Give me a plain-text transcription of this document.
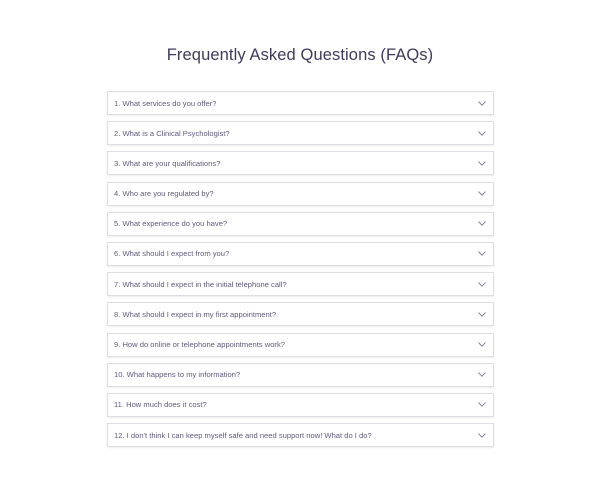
Frequently Asked Questions (FAQs)
1. What services do you offer?
2. What is a Clinical Psychologist?
3. What are your qualifications?
4. Who are you regulated by?
5. What experience do you have?
6. What should I expect from you?
7. What should I expect in the initial telephone call?
8. What should I expect in my first appointment?
9. How do online or telephone appointments work?
10. What happens to my information?
11. How much does it cost?
12. I don't think I can keep myself safe and need support now! What do I do?
